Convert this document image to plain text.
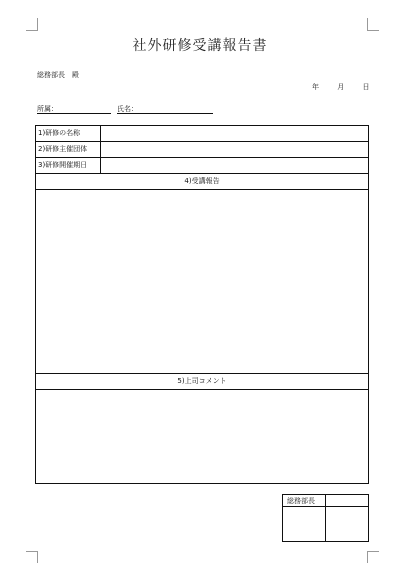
社外研修受講報告書
総務部長　殿
年	月	日
所属：	氏名：
1)研修の名称
2)研修主催団体
3)研修開催期日
4)受講報告
5)上司コメント
総務部長
